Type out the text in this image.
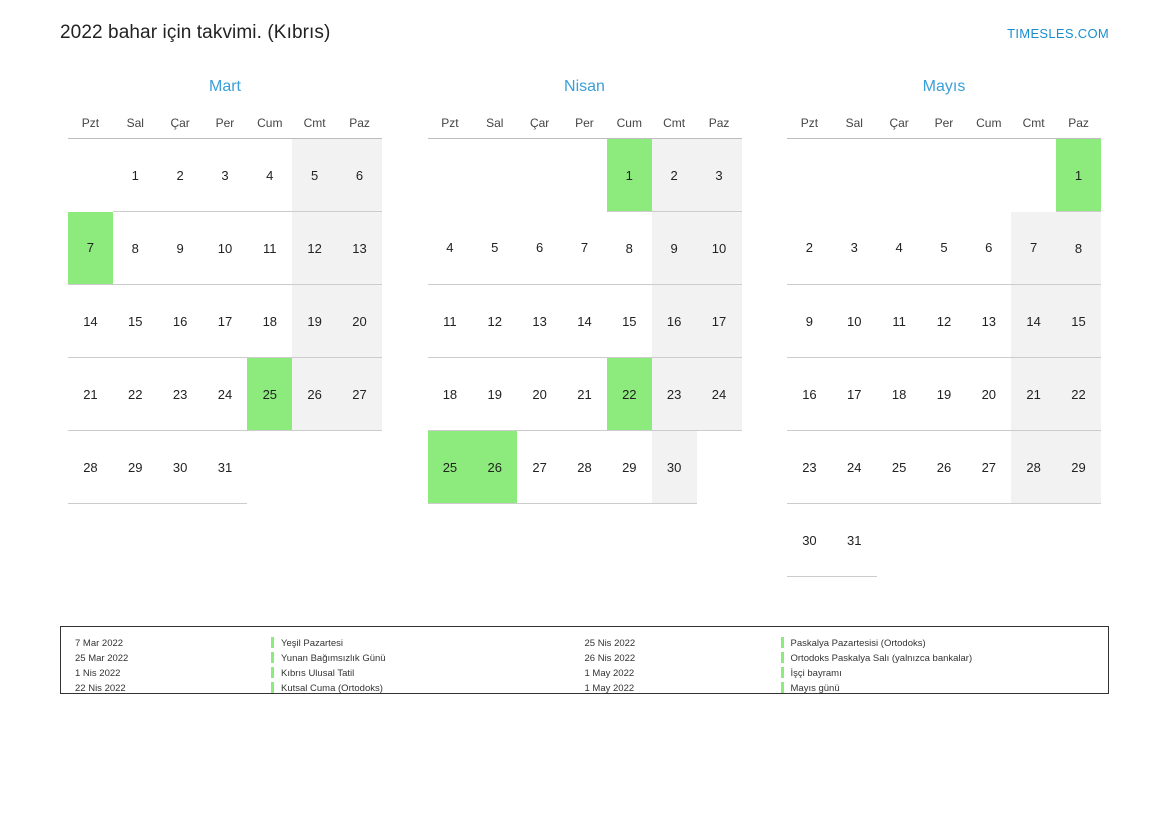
2022 bahar için takvimi. (Kıbrıs)	TIMESLES.COM
Mart
Pzt	Sal	Çar	Per	Cum	Cmt	Paz
	1	2	3	4	5	6
7	8	9	10	11	12	13
14	15	16	17	18	19	20
21	22	23	24	25	26	27
28	29	30	31			
Nisan
Pzt	Sal	Çar	Per	Cum	Cmt	Paz
				1	2	3
4	5	6	7	8	9	10
11	12	13	14	15	16	17
18	19	20	21	22	23	24
25	26	27	28	29	30	
Mayıs
Pzt	Sal	Çar	Per	Cum	Cmt	Paz
						1
2	3	4	5	6	7	8
9	10	11	12	13	14	15
16	17	18	19	20	21	22
23	24	25	26	27	28	29
30	31					
7 Mar 2022	Yeşil Pazartesi
25 Mar 2022	Yunan Bağımsızlık Günü
1 Nis 2022	Kıbrıs Ulusal Tatil
22 Nis 2022	Kutsal Cuma (Ortodoks)
25 Nis 2022	Paskalya Pazartesisi (Ortodoks)
26 Nis 2022	Ortodoks Paskalya Salı (yalnızca bankalar)
1 May 2022	İşçi bayramı
1 May 2022	Mayıs günü
